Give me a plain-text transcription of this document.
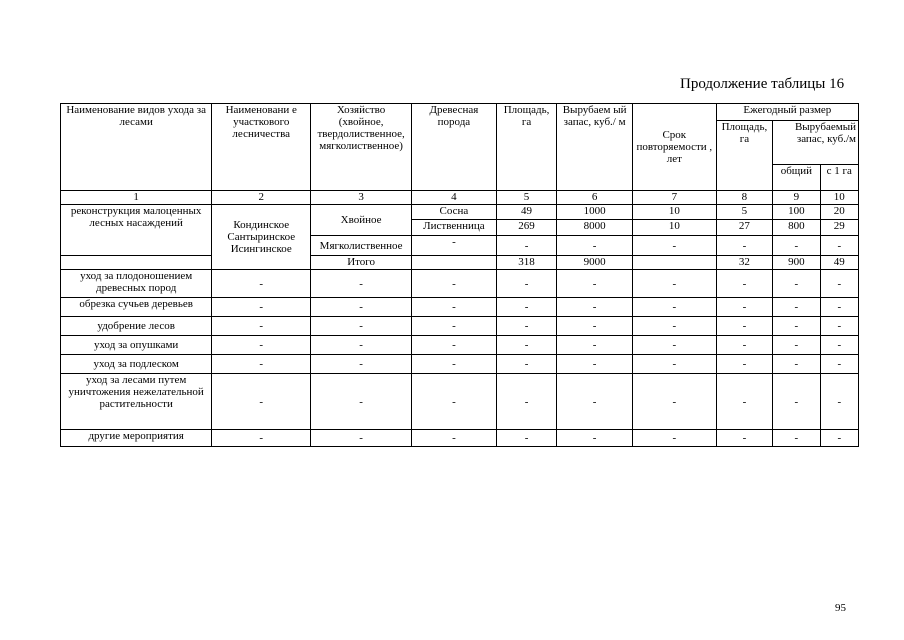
Продолжение таблицы 16
Наименование видов ухода за лесами	Наименовани е участкового лесничества	Хозяйство (хвойное, твердолиственное, мягколиственное)	Древесная порода	Площадь, га	Вырубаем ый запас, куб./ м	Срок повторяемости , лет	Ежегодный размер		
							Площадь, га	Вырубаемый запас, куб./м	
								общий	с 1 га
1	2	3	4	5	6	7	8	9	10
реконструкция малоценных лесных насаждений	Кондинское Сантыринское Исингинское	Хвойное	Сосна	49	1000	10	5	100	20
			Лиственница	269	8000	10	27	800	29
		Мягколиственное	-	-	-	-	-	-	-
		Итого		318	9000		32	900	49
уход за плодоношением древесных пород	-	-	-	-	-	-	-	-	-
обрезка сучьев деревьев	-	-	-	-	-	-	-	-	-
удобрение лесов	-	-	-	-	-	-	-	-	-
уход за опушками	-	-	-	-	-	-	-	-	-
уход за подлеском	-	-	-	-	-	-	-	-	-
уход за лесами путем уничтожения нежелательной растительности	-	-	-	-	-	-	-	-	-
другие мероприятия	-	-	-	-	-	-	-	-	-
95
